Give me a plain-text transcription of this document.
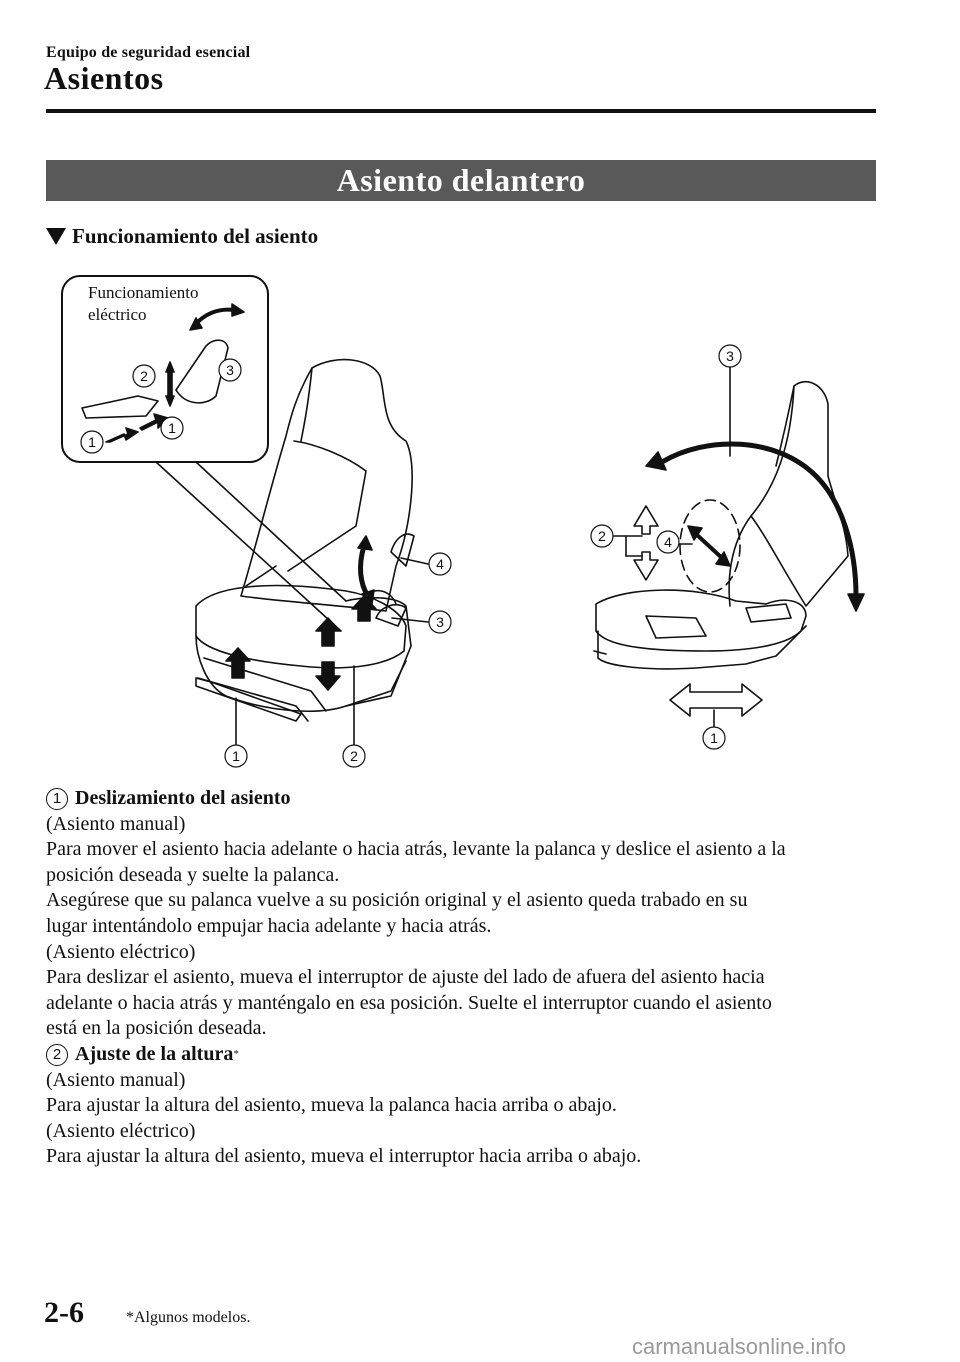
Equipo de seguridad esencial
Asientos
Asiento delantero
Funcionamiento del asiento
Funcionamiento
eléctrico
2	3
1
1
4
3
1	2
3
2	4
1

1 Deslizamiento del asiento

(Asiento manual)

Para mover el asiento hacia adelante o hacia atrás, levante la palanca y deslice el asiento a la

posición deseada y suelte la palanca.

Asegúrese que su palanca vuelve a su posición original y el asiento queda trabado en su

lugar intentándolo empujar hacia adelante y hacia atrás.

(Asiento eléctrico)

Para deslizar el asiento, mueva el interruptor de ajuste del lado de afuera del asiento hacia

adelante o hacia atrás y manténgalo en esa posición. Suelte el interruptor cuando el asiento

está en la posición deseada.

2 Ajuste de la altura *

(Asiento manual)

Para ajustar la altura del asiento, mueva la palanca hacia arriba o abajo.

(Asiento eléctrico)

Para ajustar la altura del asiento, mueva el interruptor hacia arriba o abajo.

2-6	*Algunos modelos.
carmanualsonline.info
